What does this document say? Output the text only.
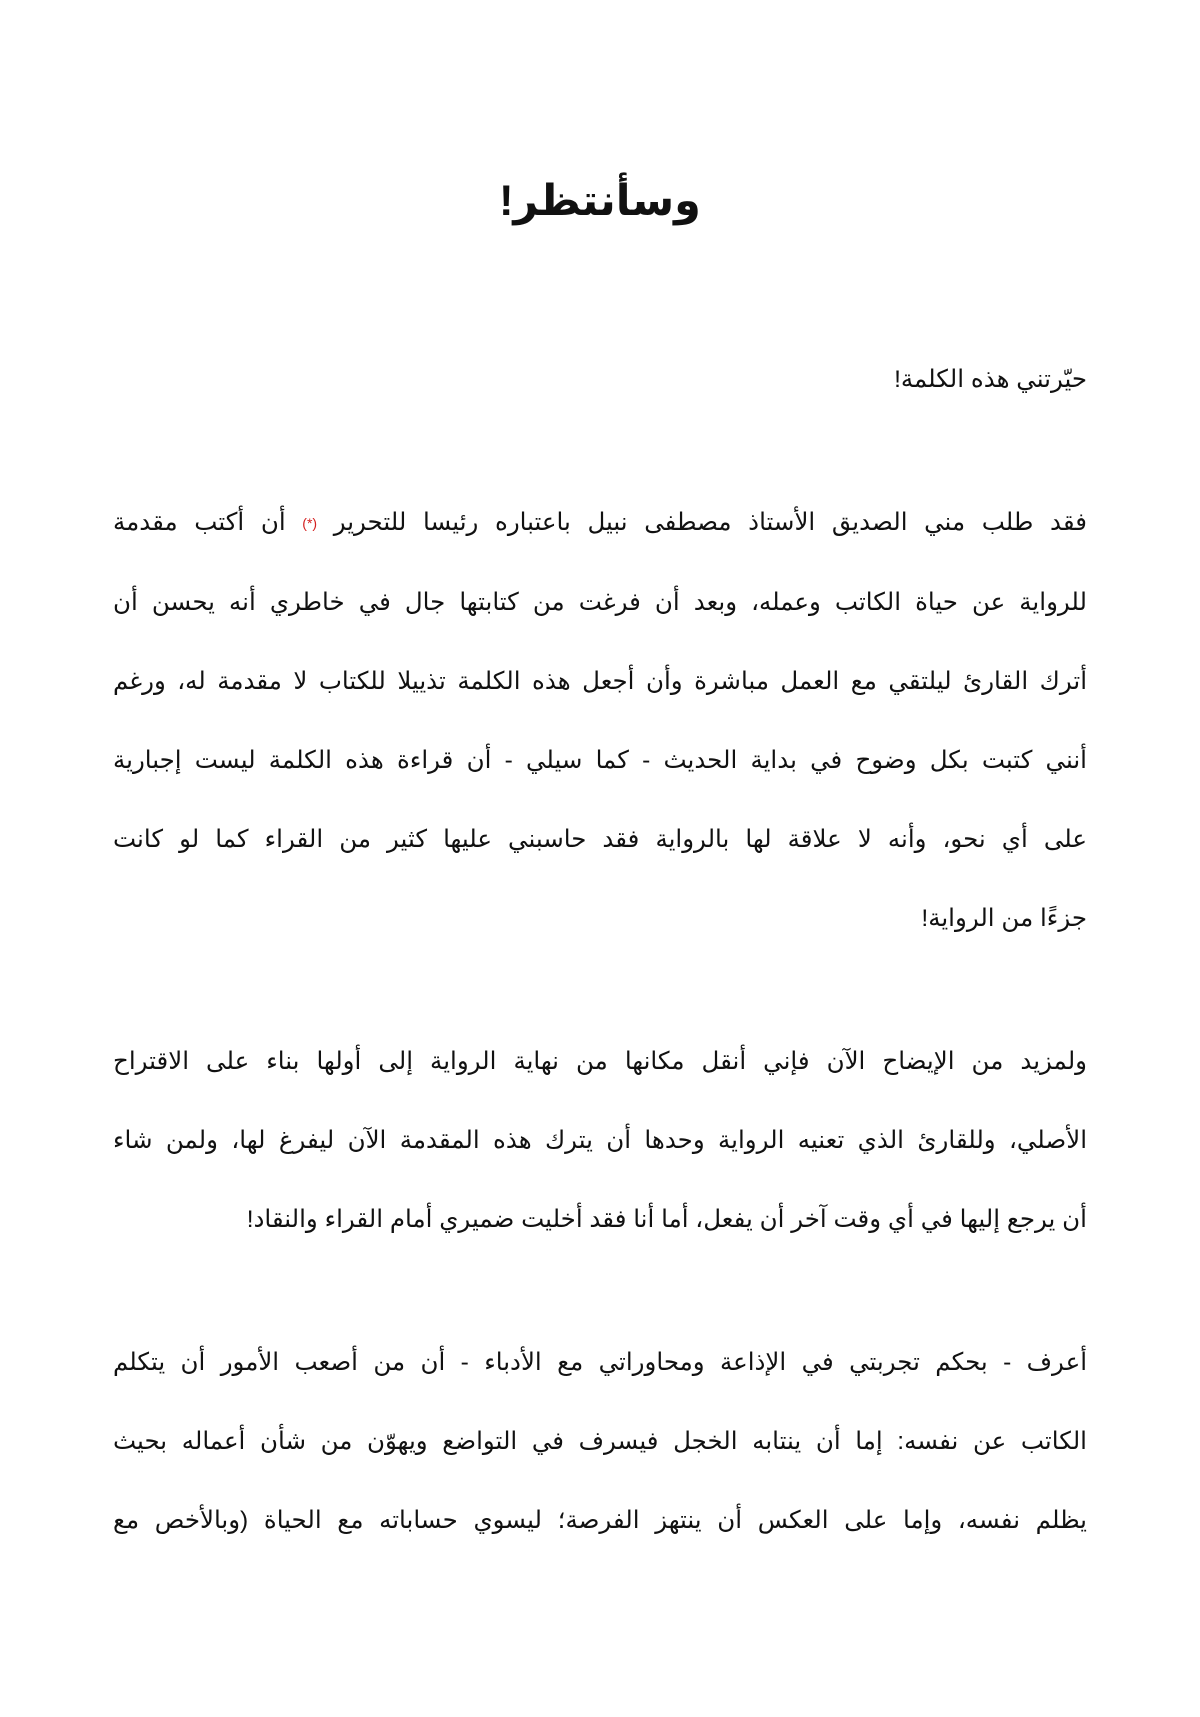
وسأنتظر!

حيّرتني هذه الكلمة!

فقد طلب مني الصديق الأستاذ مصطفى نبيل باعتباره رئيسا للتحرير (*) أن أكتب مقدمة
للرواية عن حياة الكاتب وعمله، وبعد أن فرغت من كتابتها جال في خاطري أنه يحسن أن
أترك القارئ ليلتقي مع العمل مباشرة وأن أجعل هذه الكلمة تذييلا للكتاب لا مقدمة له، ورغم
أنني كتبت بكل وضوح في بداية الحديث - كما سيلي - أن قراءة هذه الكلمة ليست إجبارية
على أي نحو، وأنه لا علاقة لها بالرواية فقد حاسبني عليها كثير من القراء كما لو كانت
جزءًا من الرواية!

ولمزيد من الإيضاح الآن فإني أنقل مكانها من نهاية الرواية إلى أولها بناء على الاقتراح
الأصلي، وللقارئ الذي تعنيه الرواية وحدها أن يترك هذه المقدمة الآن ليفرغ لها، ولمن شاء
أن يرجع إليها في أي وقت آخر أن يفعل، أما أنا فقد أخليت ضميري أمام القراء والنقاد!

أعرف - بحكم تجربتي في الإذاعة ومحاوراتي مع الأدباء - أن من أصعب الأمور أن يتكلم
الكاتب عن نفسه: إما أن ينتابه الخجل فيسرف في التواضع ويهوّن من شأن أعماله بحيث
يظلم نفسه، وإما على العكس أن ينتهز الفرصة؛ ليسوي حساباته مع الحياة (وبالأخص مع
